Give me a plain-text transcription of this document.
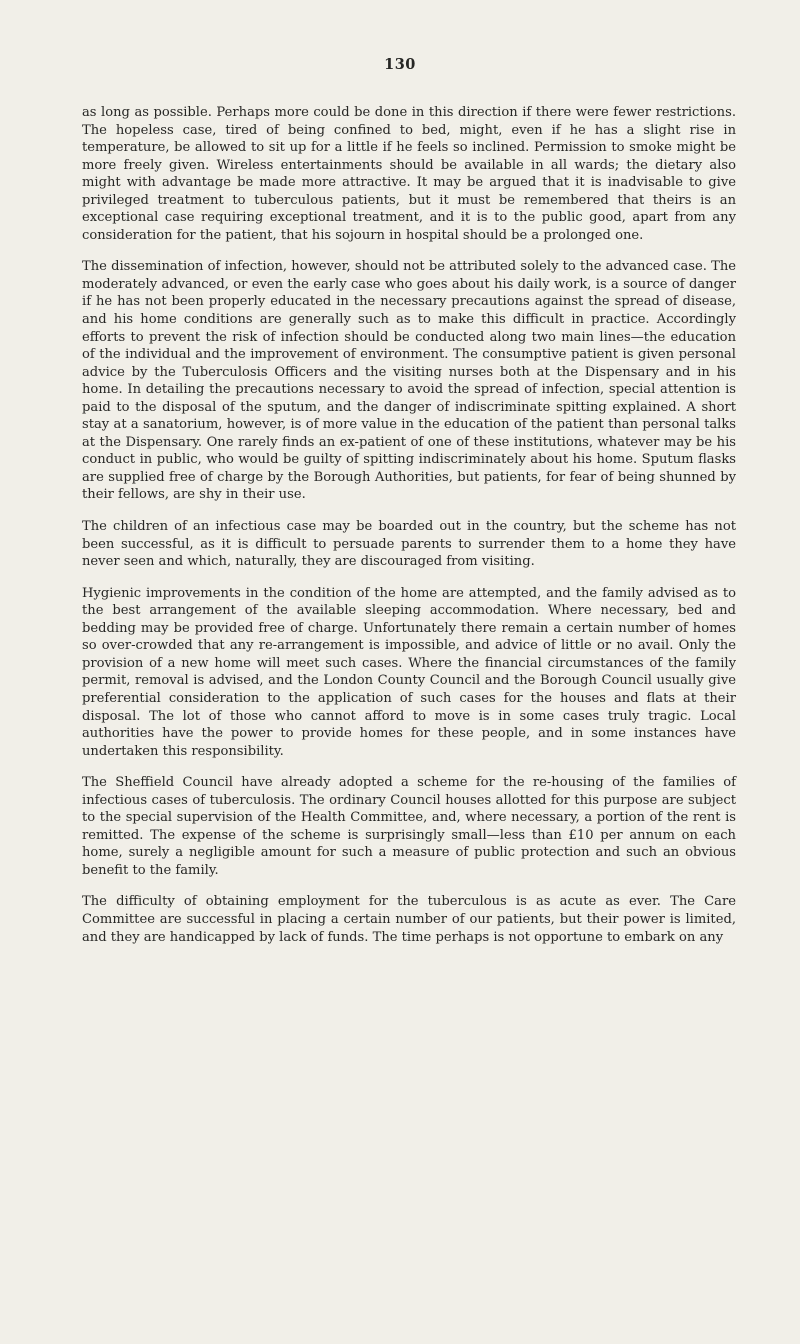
130

as long as possible. Perhaps more could be done in this direction if there were fewer restrictions. The hopeless case, tired of being confined to bed, might, even if he has a slight rise in temperature, be allowed to sit up for a little if he feels so inclined. Permission to smoke might be more freely given. Wireless entertainments should be available in all wards; the dietary also might with advantage be made more attractive. It may be argued that it is inadvisable to give privileged treatment to tuberculous patients, but it must be remembered that theirs is an exceptional case requiring exceptional treatment, and it is to the public good, apart from any consideration for the patient, that his sojourn in hospital should be a prolonged one.

The dissemination of infection, however, should not be attributed solely to the advanced case. The moderately advanced, or even the early case who goes about his daily work, is a source of danger if he has not been properly educated in the necessary precautions against the spread of disease, and his home conditions are generally such as to make this difficult in practice. Accordingly efforts to prevent the risk of infection should be conducted along two main lines—the education of the individual and the improvement of environment. The consumptive patient is given personal advice by the Tuberculosis Officers and the visiting nurses both at the Dispensary and in his home. In detailing the precautions necessary to avoid the spread of infection, special attention is paid to the disposal of the sputum, and the danger of indiscriminate spitting explained. A short stay at a sanatorium, however, is of more value in the education of the patient than personal talks at the Dispensary. One rarely finds an ex-patient of one of these institutions, whatever may be his conduct in public, who would be guilty of spitting indiscriminately about his home. Sputum flasks are supplied free of charge by the Borough Authorities, but patients, for fear of being shunned by their fellows, are shy in their use.

The children of an infectious case may be boarded out in the country, but the scheme has not been successful, as it is difficult to persuade parents to surrender them to a home they have never seen and which, naturally, they are discouraged from visiting.

Hygienic improvements in the condition of the home are attempted, and the family advised as to the best arrangement of the available sleeping accommodation. Where necessary, bed and bedding may be provided free of charge. Unfortunately there remain a certain number of homes so over-crowded that any re-arrangement is impossible, and advice of little or no avail. Only the provision of a new home will meet such cases. Where the financial circumstances of the family permit, removal is advised, and the London County Council and the Borough Council usually give preferential consideration to the application of such cases for the houses and flats at their disposal. The lot of those who cannot afford to move is in some cases truly tragic. Local authorities have the power to provide homes for these people, and in some instances have undertaken this responsibility.

The Sheffield Council have already adopted a scheme for the re-housing of the families of infectious cases of tuberculosis. The ordinary Council houses allotted for this purpose are subject to the special supervision of the Health Committee, and, where necessary, a portion of the rent is remitted. The expense of the scheme is surprisingly small—less than £10 per annum on each home, surely a negligible amount for such a measure of public protection and such an obvious benefit to the family.

The difficulty of obtaining employment for the tuberculous is as acute as ever. The Care Committee are successful in placing a certain number of our patients, but their power is limited, and they are handicapped by lack of funds. The time perhaps is not opportune to embark on any
